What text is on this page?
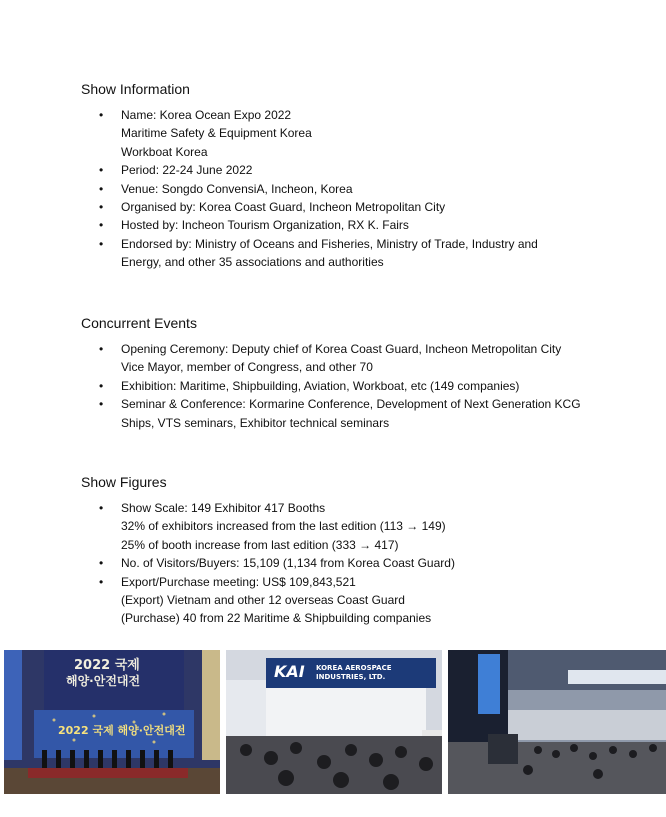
Show Information
• Name: Korea Ocean Expo 2022
Maritime Safety & Equipment Korea
Workboat Korea
• Period: 22-24 June 2022
• Venue: Songdo ConvensiA, Incheon, Korea
• Organised by: Korea Coast Guard, Incheon Metropolitan City
• Hosted by: Incheon Tourism Organization, RX K. Fairs
• Endorsed by: Ministry of Oceans and Fisheries, Ministry of Trade, Industry and
Energy, and other 35 associations and authorities
Concurrent Events
• Opening Ceremony: Deputy chief of Korea Coast Guard, Incheon Metropolitan City
Vice Mayor, member of Congress, and other 70
• Exhibition: Maritime, Shipbuilding, Aviation, Workboat, etc (149 companies)
• Seminar & Conference: Kormarine Conference, Development of Next Generation KCG
Ships, VTS seminars, Exhibitor technical seminars
Show Figures
• Show Scale: 149 Exhibitor 417 Booths
32% of exhibitors increased from the last edition (113 → 149)
25% of booth increase from last edition (333 → 417)
• No. of Visitors/Buyers: 15,109 (1,134 from Korea Coast Guard)
• Export/Purchase meeting: US$ 109,843,521
(Export) Vietnam and other 12 overseas Coast Guard
(Purchase) 40 from 22 Maritime & Shipbuilding companies
2022 국제
해양·안전대전
2022 국제 해양·안전대전
KAI KOREA AEROSPACE INDUSTRIES, LTD.
